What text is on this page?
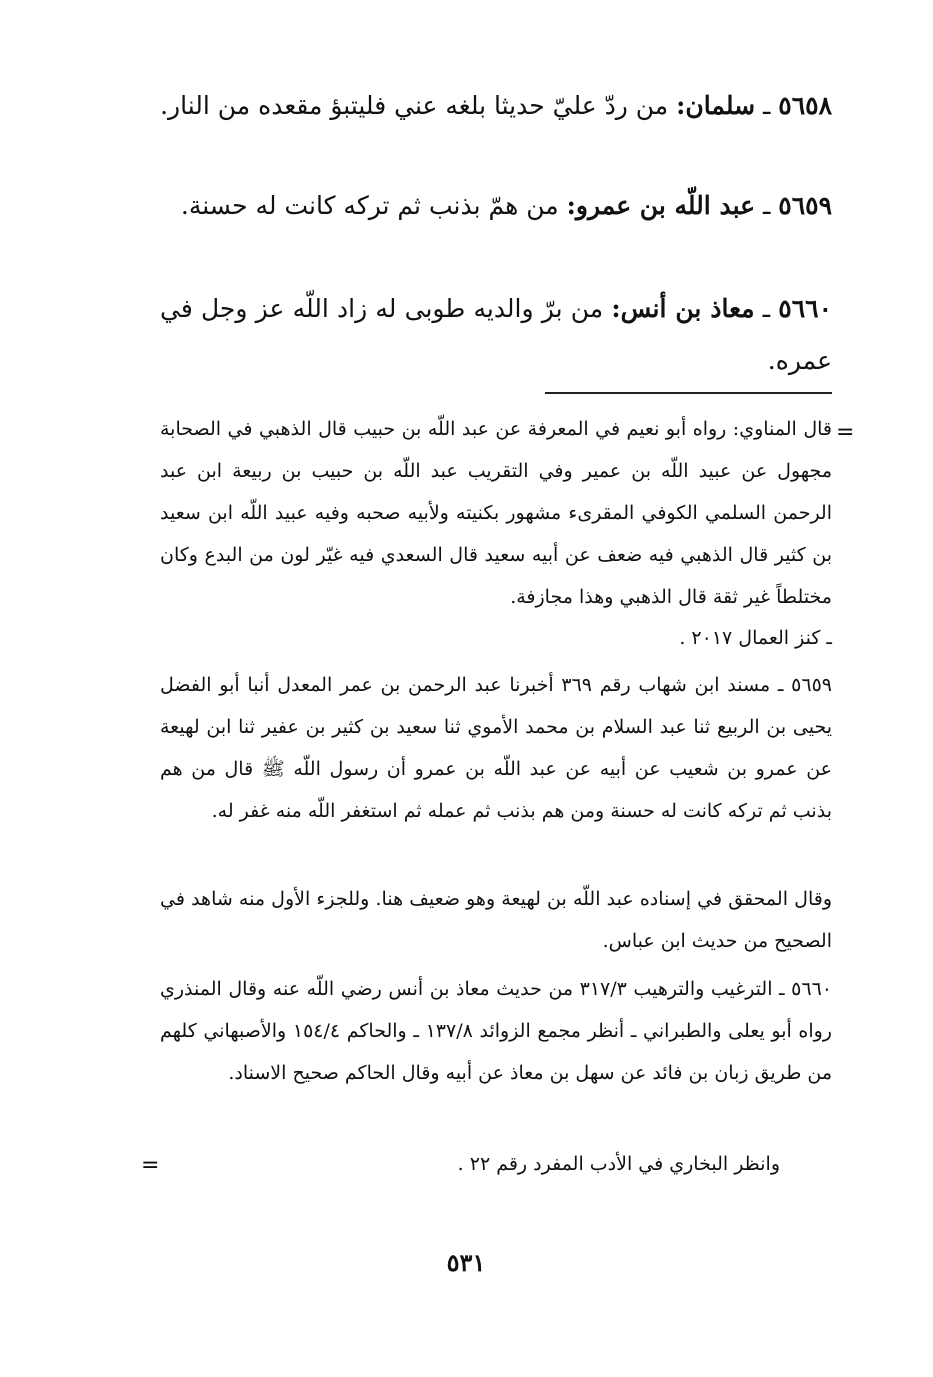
٥٦٥٨ ـ سلمان: من ردّ عليّ حديثا بلغه عني فليتبؤ مقعده من النار.

٥٦٥٩ ـ عبد اللّه بن عمرو: من همّ بذنب ثم تركه كانت له حسنة.

٥٦٦٠ ـ معاذ بن أنس: من برّ والديه طوبى له زاد اللّه عز وجل في عمره.

=

قال المناوي: رواه أبو نعيم في المعرفة عن عبد اللّه بن حبيب قال الذهبي في الصحابة مجهول عن عبيد اللّه بن عمير وفي التقريب عبد اللّه بن حبيب بن ربيعة ابن عبد الرحمن السلمي الكوفي المقرىء مشهور بكنيته ولأبيه صحبه وفيه عبيد اللّه ابن سعيد بن كثير قال الذهبي فيه ضعف عن أبيه سعيد قال السعدي فيه غيّر لون من البدع وكان مختلطاً غير ثقة قال الذهبي وهذا مجازفة.

ـ كنز العمال ٢٠١٧ .

٥٦٥٩ ـ مسند ابن شهاب رقم ٣٦٩ أخبرنا عبد الرحمن بن عمر المعدل أنبا أبو الفضل يحيى بن الربيع ثنا عبد السلام بن محمد الأموي ثنا سعيد بن كثير بن عفير ثنا ابن لهيعة عن عمرو بن شعيب عن أبيه عن عبد اللّه بن عمرو أن رسول اللّه ﷺ قال من هم بذنب ثم تركه كانت له حسنة ومن هم بذنب ثم عمله ثم استغفر اللّه منه غفر له.

وقال المحقق في إسناده عبد اللّه بن لهيعة وهو ضعيف هنا. وللجزء الأول منه شاهد في الصحيح من حديث ابن عباس.

٥٦٦٠ ـ الترغيب والترهيب ٣١٧/٣ من حديث معاذ بن أنس رضي اللّه عنه وقال المنذري رواه أبو يعلى والطبراني ـ أنظر مجمع الزوائد ١٣٧/٨ ـ والحاكم ١٥٤/٤ والأصبهاني كلهم من طريق زبان بن فائد عن سهل بن معاذ عن أبيه وقال الحاكم صحيح الاسناد.

وانظر البخاري في الأدب المفرد رقم ٢٢ .

=
٥٣١
